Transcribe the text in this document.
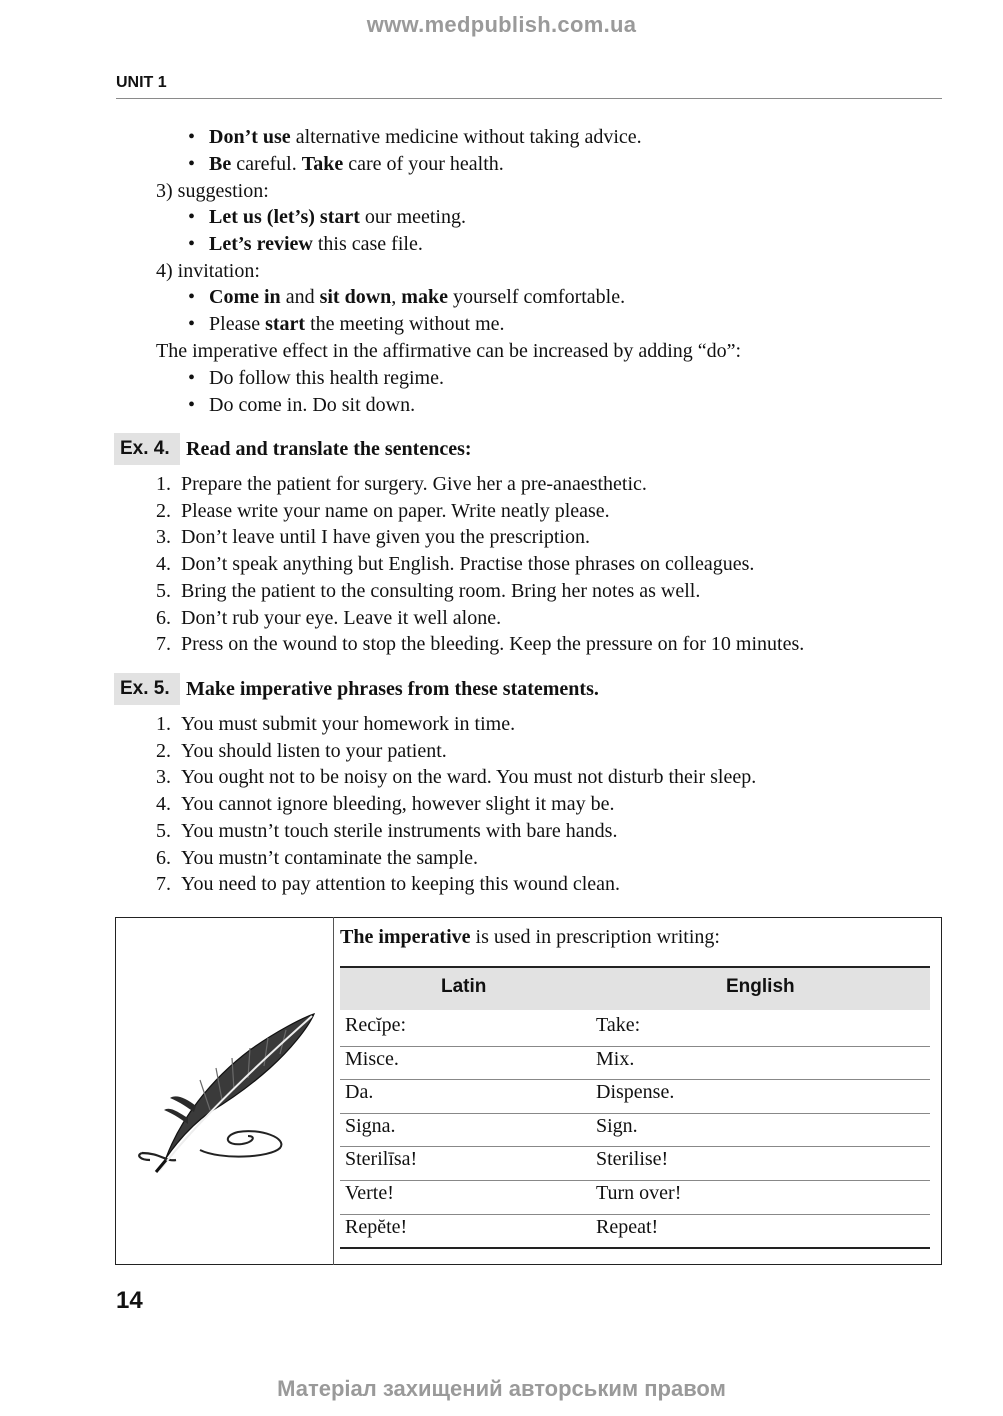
www.medpublish.com.ua
UNIT 1
• Don’t use alternative medicine without taking advice.
• Be careful. Take care of your health.
3) suggestion:
• Let us (let’s) start our meeting.
• Let’s review this case file.
4) invitation:
• Come in and sit down, make yourself comfortable.
• Please start the meeting without me.
The imperative effect in the affirmative can be increased by adding “do”:
• Do follow this health regime.
• Do come in. Do sit down.
Ex. 4. Read and translate the sentences:
1. Prepare the patient for surgery. Give her a pre-anaesthetic.
2. Please write your name on paper. Write neatly please.
3. Don’t leave until I have given you the prescription.
4. Don’t speak anything but English. Practise those phrases on colleagues.
5. Bring the patient to the consulting room. Bring her notes as well.
6. Don’t rub your eye. Leave it well alone.
7. Press on the wound to stop the bleeding. Keep the pressure on for 10 minutes.
Ex. 5. Make imperative phrases from these statements.
1. You must submit your homework in time.
2. You should listen to your patient.
3. You ought not to be noisy on the ward. You must not disturb their sleep.
4. You cannot ignore bleeding, however slight it may be.
5. You mustn’t touch sterile instruments with bare hands.
6. You mustn’t contaminate the sample.
7. You need to pay attention to keeping this wound clean.
The imperative is used in prescription writing:
Latin	English
Recĭpe:	Take:
Misce.	Mix.
Da.	Dispense.
Signa.	Sign.
Sterilīsa!	Sterilise!
Verte!	Turn over!
Repĕte!	Repeat!
14
Матеріал захищений авторським правом
